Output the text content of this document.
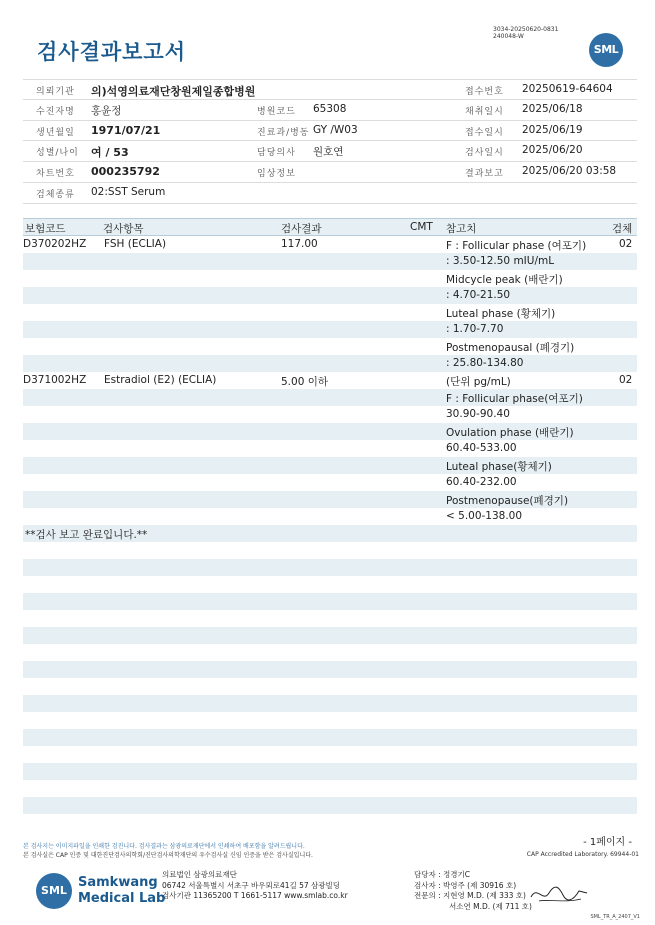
3034-20250620-0831
240048-W
검사결과보고서	SML
의뢰기관 의)석영의료재단창원제일종합병원	접수번호 20250619-64604
수진자명 홍윤정	병원코드 65308	채취일시 2025/06/18
생년월일 1971/07/21	진료과/병동 GY /W03	접수일시 2025/06/19
성별/나이 여 / 53	담당의사 원호연	검사일시 2025/06/20
차트번호 000235792	임상정보	결과보고 2025/06/20 03:58
검체종류 02:SST Serum
보험코드	검사항목	검사결과	CMT 참고치	검체
D370202HZ FSH (ECLIA)	117.00	F : Follicular phase (여포기)	02
: 3.50-12.50 mIU/mL
Midcycle peak (배란기)
: 4.70-21.50
Luteal phase (황체기)
: 1.70-7.70
Postmenopausal (폐경기)
: 25.80-134.80
D371002HZ Estradiol (E2) (ECLIA)	5.00 이하	(단위 pg/mL)	02
F : Follicular phase(여포기)
30.90-90.40
Ovulation phase (배란기)
60.40-533.00
Luteal phase(황체기)
60.40-232.00
Postmenopause(폐경기)
< 5.00-138.00
**검사 보고 완료입니다.**
본 검사지는 이미지파일을 인쇄한 검진니다. 검사결과는 삼광의료재단에서 인쇄하여 배포함을 알려드립니다.
본 검사실은 CAP 인증 및 대한진단검사의학회/진단검사의학재단의 우수검사실 신임 인증을 받은 검사실입니다.
- 1페이지 -
CAP Accredited Laboratory. 69944-01
SML
Samkwang
Medical Lab
의료법인 삼광의료재단
06742 서울특별시 서초구 바우뫼로41길 57 삼광빌딩
검사기관 11365200 T 1661-5117 www.smlab.co.kr
담당자 : 정경기C
검사자 : 박영주 (제 30916 호)
전문의 : 지현영 M.D. (제 333 호)
서소연 M.D. (제 711 호)
SML_TR_A_2407_V1
